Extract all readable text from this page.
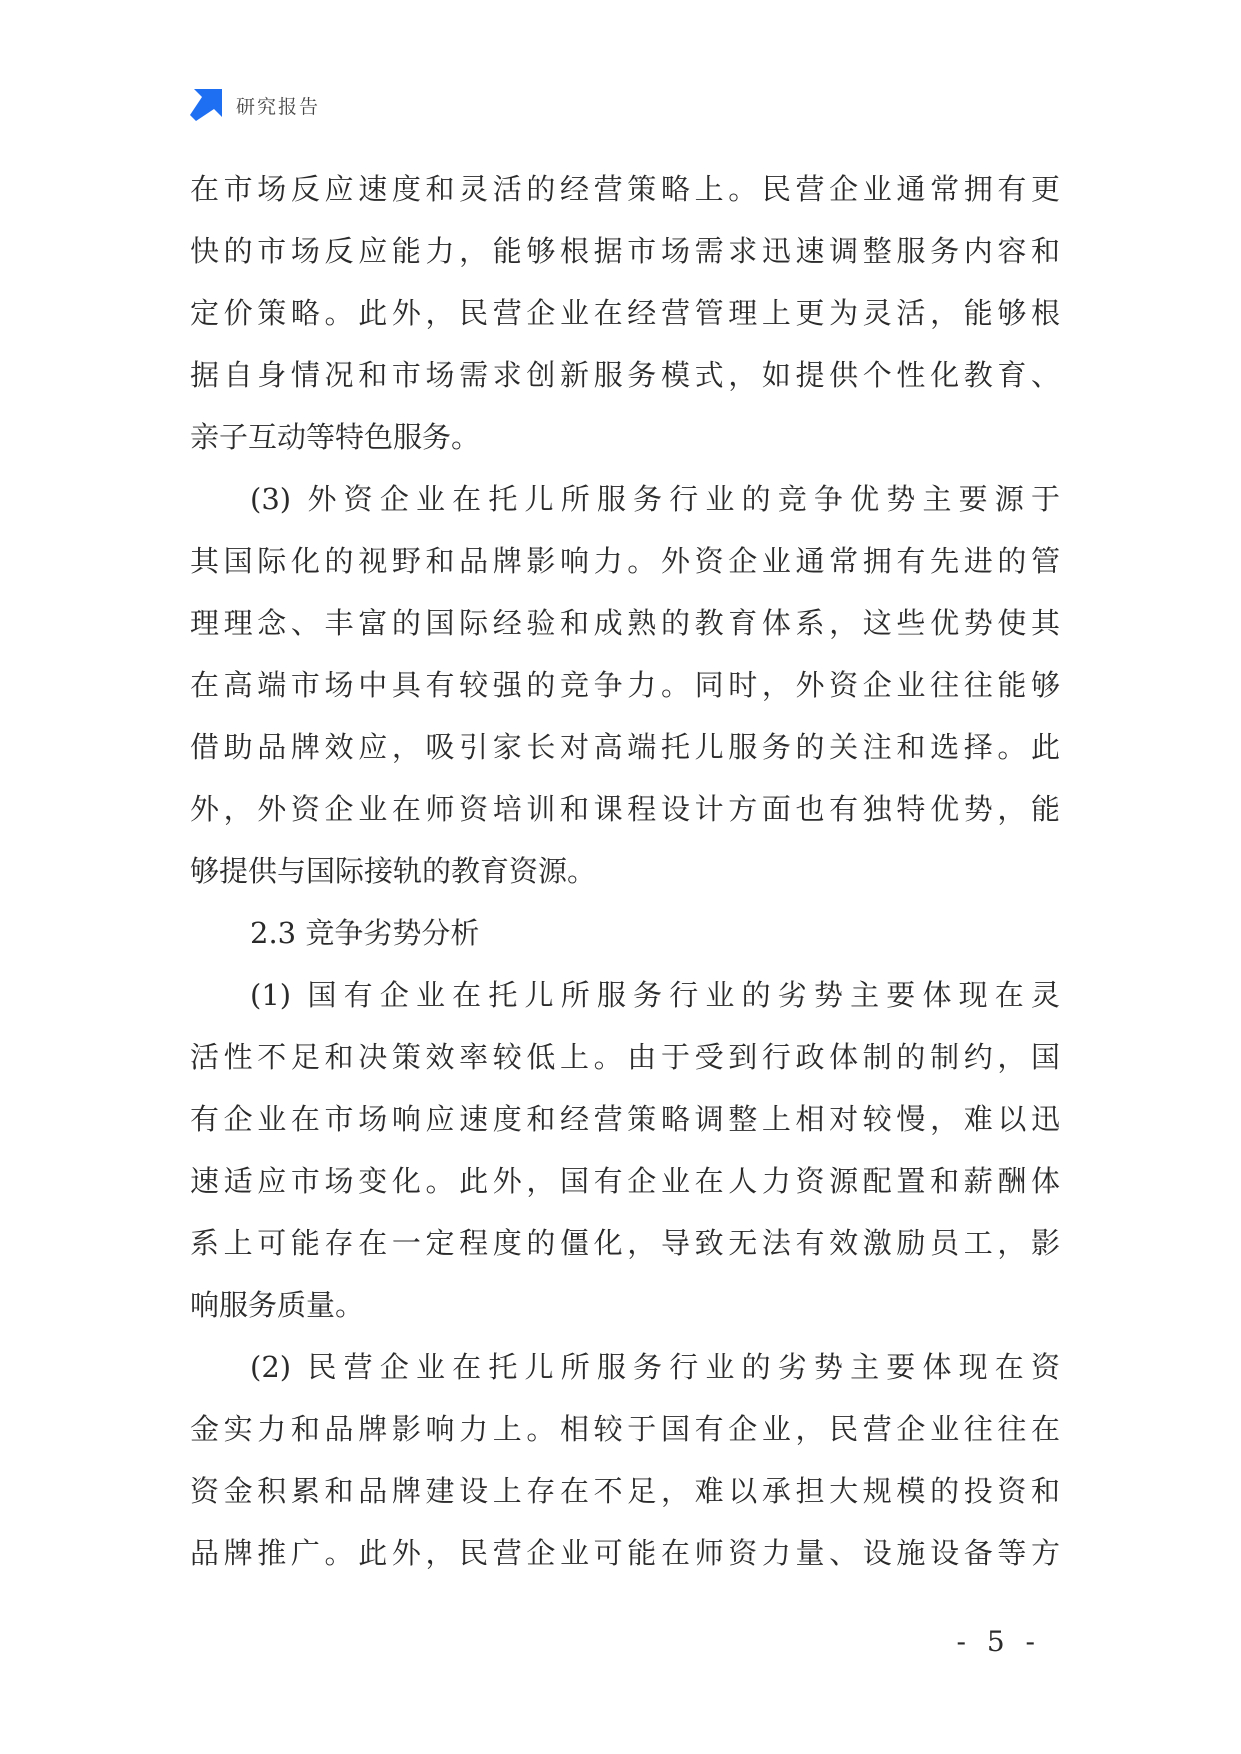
研究报告
在市场反应速度和灵活的经营策略上。民营企业通常拥有更
快的市场反应能力，能够根据市场需求迅速调整服务内容和
定价策略。此外，民营企业在经营管理上更为灵活，能够根
据自身情况和市场需求创新服务模式，如提供个性化教育、
亲子互动等特色服务。
(3) 外资企业在托儿所服务行业的竞争优势主要源于
其国际化的视野和品牌影响力。外资企业通常拥有先进的管
理理念、丰富的国际经验和成熟的教育体系，这些优势使其
在高端市场中具有较强的竞争力。同时，外资企业往往能够
借助品牌效应，吸引家长对高端托儿服务的关注和选择。此
外，外资企业在师资培训和课程设计方面也有独特优势，能
够提供与国际接轨的教育资源。
2.3 竞争劣势分析
(1) 国有企业在托儿所服务行业的劣势主要体现在灵
活性不足和决策效率较低上。由于受到行政体制的制约，国
有企业在市场响应速度和经营策略调整上相对较慢，难以迅
速适应市场变化。此外，国有企业在人力资源配置和薪酬体
系上可能存在一定程度的僵化，导致无法有效激励员工，影
响服务质量。
(2) 民营企业在托儿所服务行业的劣势主要体现在资
金实力和品牌影响力上。相较于国有企业，民营企业往往在
资金积累和品牌建设上存在不足，难以承担大规模的投资和
品牌推广。此外，民营企业可能在师资力量、设施设备等方
- 5 -
